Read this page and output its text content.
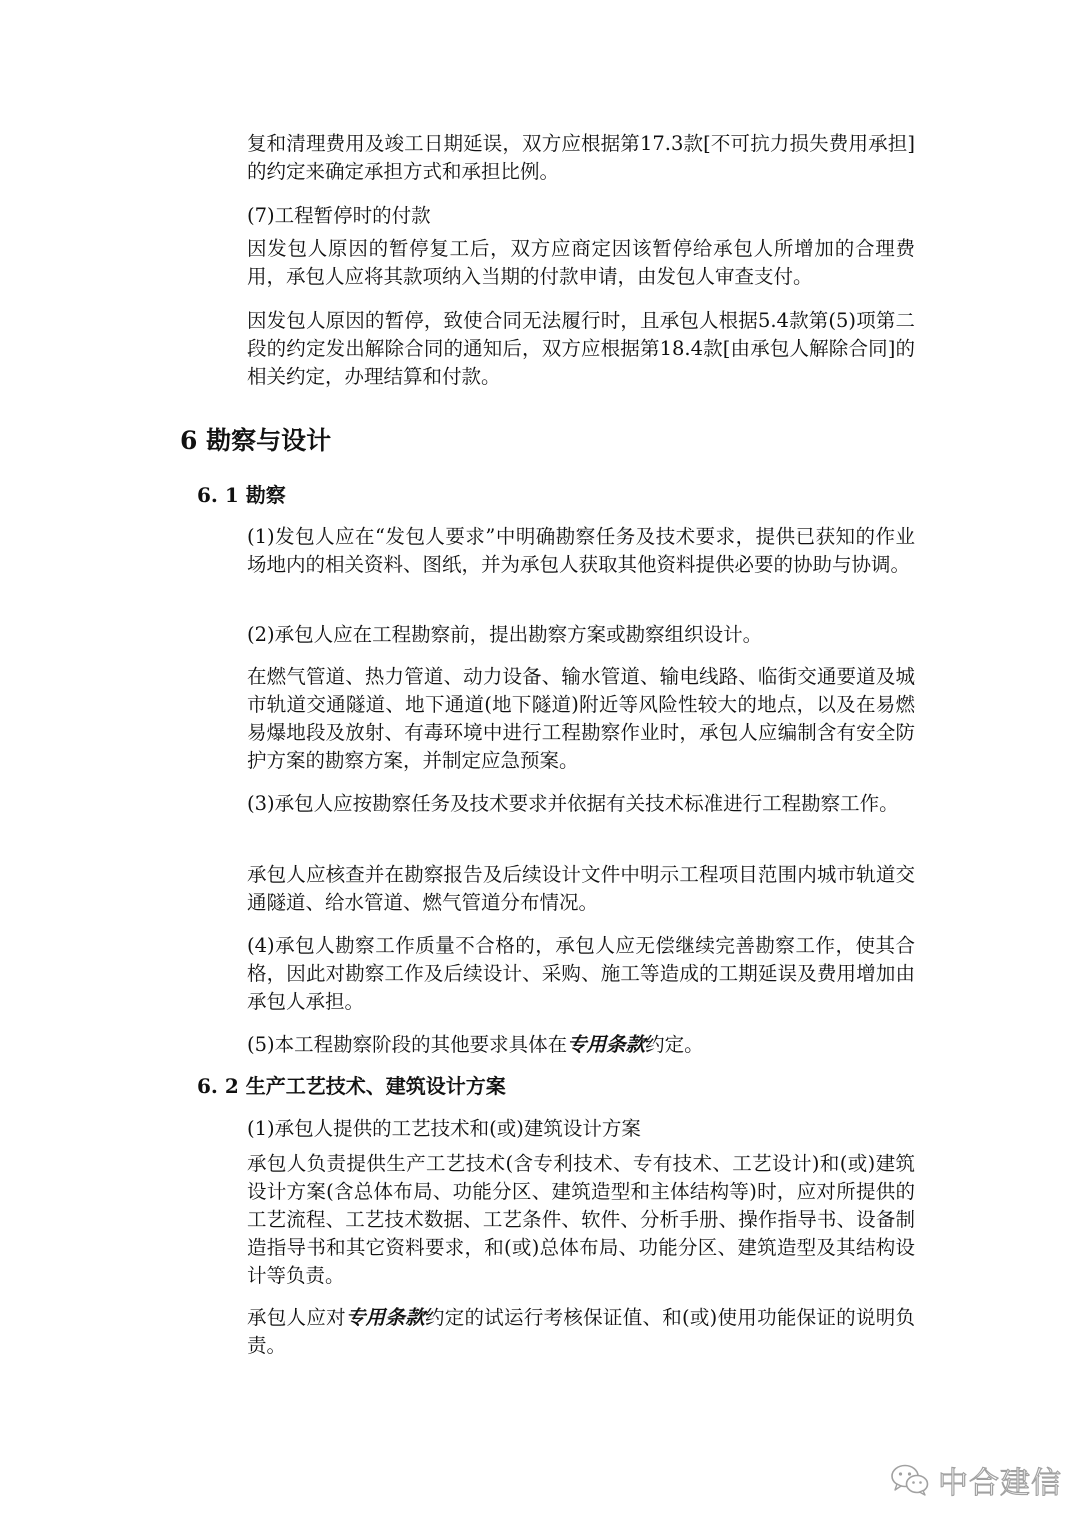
复和清理费用及竣工日期延误，双方应根据第17.3款[不可抗力损失费用承担]的约定来确定承担方式和承担比例。

(7)工程暂停时的付款

因发包人原因的暂停复工后，双方应商定因该暂停给承包人所增加的合理费用，承包人应将其款项纳入当期的付款申请，由发包人审查支付。

因发包人原因的暂停，致使合同无法履行时，且承包人根据5.4款第(5)项第二段的约定发出解除合同的通知后，双方应根据第18.4款[由承包人解除合同]的相关约定，办理结算和付款。

6 勘察与设计
6. 1 勘察

(1)发包人应在“发包人要求”中明确勘察任务及技术要求，提供已获知的作业场地内的相关资料、图纸，并为承包人获取其他资料提供必要的协助与协调。

(2)承包人应在工程勘察前，提出勘察方案或勘察组织设计。

在燃气管道、热力管道、动力设备、输水管道、输电线路、临街交通要道及城市轨道交通隧道、地下通道(地下隧道)附近等风险性较大的地点，以及在易燃易爆地段及放射、有毒环境中进行工程勘察作业时，承包人应编制含有安全防护方案的勘察方案，并制定应急预案。

(3)承包人应按勘察任务及技术要求并依据有关技术标准进行工程勘察工作。

承包人应核查并在勘察报告及后续设计文件中明示工程项目范围内城市轨道交通隧道、给水管道、燃气管道分布情况。

(4)承包人勘察工作质量不合格的，承包人应无偿继续完善勘察工作，使其合格，因此对勘察工作及后续设计、采购、施工等造成的工期延误及费用增加由承包人承担。

(5)本工程勘察阶段的其他要求具体在专用条款约定。

6. 2 生产工艺技术、建筑设计方案

(1)承包人提供的工艺技术和(或)建筑设计方案

承包人负责提供生产工艺技术(含专利技术、专有技术、工艺设计)和(或)建筑设计方案(含总体布局、功能分区、建筑造型和主体结构等)时，应对所提供的工艺流程、工艺技术数据、工艺条件、软件、分析手册、操作指导书、设备制造指导书和其它资料要求，和(或)总体布局、功能分区、建筑造型及其结构设计等负责。

承包人应对专用条款约定的试运行考核保证值、和(或)使用功能保证的说明负责。

中合建信
